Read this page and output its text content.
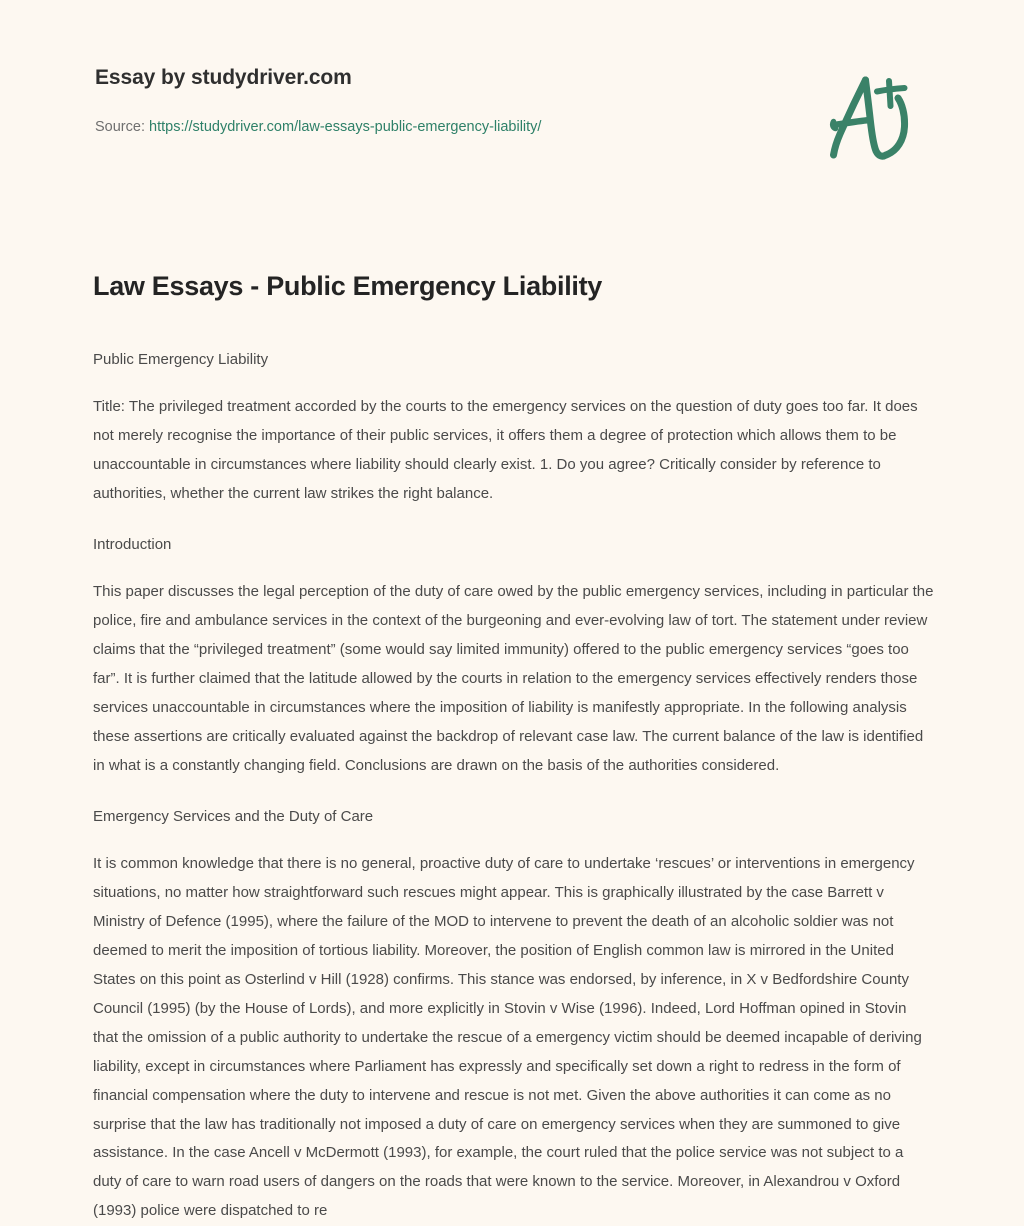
Essay by studydriver.com
Source: https://studydriver.com/law-essays-public-emergency-liability/
Law Essays - Public Emergency Liability

Public Emergency Liability

Title: The privileged treatment accorded by the courts to the emergency services on the question of duty goes too far. It does not merely recognise the importance of their public services, it offers them a degree of protection which allows them to be unaccountable in circumstances where liability should clearly exist. 1. Do you agree? Critically consider by reference to authorities, whether the current law strikes the right balance.

Introduction

This paper discusses the legal perception of the duty of care owed by the public emergency services, including in particular the police, fire and ambulance services in the context of the burgeoning and ever-evolving law of tort. The statement under review claims that the “privileged treatment” (some would say limited immunity) offered to the public emergency services “goes too far”. It is further claimed that the latitude allowed by the courts in relation to the emergency services effectively renders those services unaccountable in circumstances where the imposition of liability is manifestly appropriate. In the following analysis these assertions are critically evaluated against the backdrop of relevant case law. The current balance of the law is identified in what is a constantly changing field. Conclusions are drawn on the basis of the authorities considered.

Emergency Services and the Duty of Care

It is common knowledge that there is no general, proactive duty of care to undertake ‘rescues’ or interventions in emergency situations, no matter how straightforward such rescues might appear. This is graphically illustrated by the case Barrett v Ministry of Defence (1995), where the failure of the MOD to intervene to prevent the death of an alcoholic soldier was not deemed to merit the imposition of tortious liability. Moreover, the position of English common law is mirrored in the United States on this point as Osterlind v Hill (1928) confirms. This stance was endorsed, by inference, in X v Bedfordshire County Council (1995) (by the House of Lords), and more explicitly in Stovin v Wise (1996). Indeed, Lord Hoffman opined in Stovin that the omission of a public authority to undertake the rescue of a emergency victim should be deemed incapable of deriving liability, except in circumstances where Parliament has expressly and specifically set down a right to redress in the form of financial compensation where the duty to intervene and rescue is not met. Given the above authorities it can come as no surprise that the law has traditionally not imposed a duty of care on emergency services when they are summoned to give assistance. In the case Ancell v McDermott (1993), for example, the court ruled that the police service was not subject to a duty of care to warn road users of dangers on the roads that were known to the service. Moreover, in Alexandrou v Oxford (1993) police were dispatched to re
